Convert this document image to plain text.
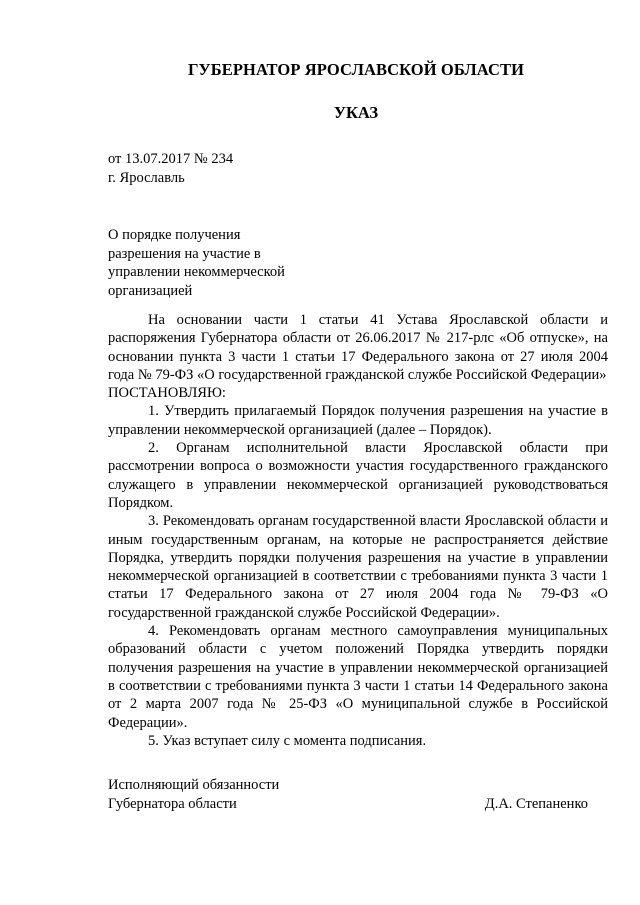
ГУБЕРНАТОР ЯРОСЛАВСКОЙ ОБЛАСТИ
УКАЗ
от 13.07.2017 № 234
г. Ярославль
О порядке получения
разрешения на участие в
управлении некоммерческой
организацией

На основании части 1 статьи 41 Устава Ярославской области и распоряжения Губернатора области от 26.06.2017 № 217-рлс «Об отпуске», на основании пункта 3 части 1 статьи 17 Федерального закона от 27 июля 2004 года № 79-ФЗ «О государственной гражданской службе Российской Федерации»

ПОСТАНОВЛЯЮ:

1. Утвердить прилагаемый Порядок получения разрешения на участие в управлении некоммерческой организацией (далее – Порядок).

2. Органам исполнительной власти Ярославской области при рассмотрении вопроса о возможности участия государственного гражданского служащего в управлении некоммерческой организацией руководствоваться Порядком.

3. Рекомендовать органам государственной власти Ярославской области и иным государственным органам, на которые не распространяется действие Порядка, утвердить порядки получения разрешения на участие в управлении некоммерческой организацией в соответствии с требованиями пункта 3 части 1 статьи 17 Федерального закона от 27 июля 2004 года № 79-ФЗ «О государственной гражданской службе Российской Федерации».

4. Рекомендовать органам местного самоуправления муниципальных образований области с учетом положений Порядка утвердить порядки получения разрешения на участие в управлении некоммерческой организацией в соответствии с требованиями пункта 3 части 1 статьи 14 Федерального закона от 2 марта 2007 года № 25-ФЗ «О муниципальной службе в Российской Федерации».

5. Указ вступает силу с момента подписания.

Исполняющий обязанности
Губернатора области	Д.А. Степаненко
